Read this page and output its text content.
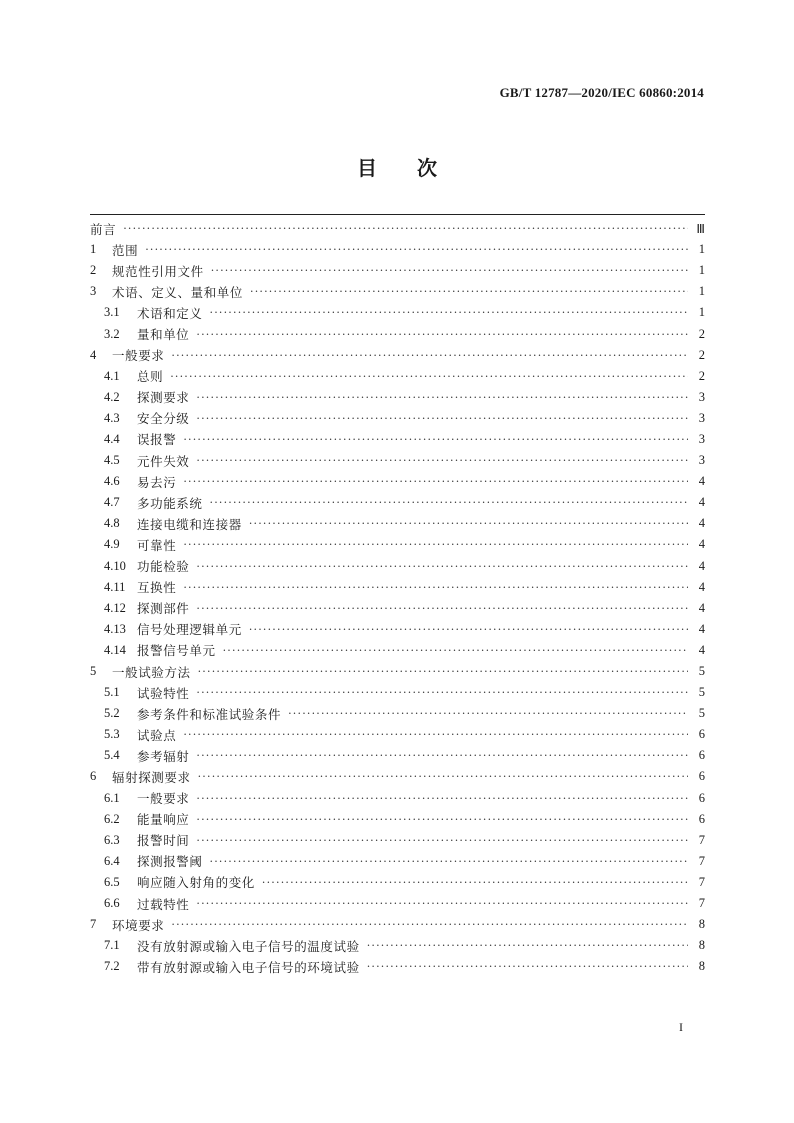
GB/T 12787—2020/IEC 60860:2014
目 次
前言 ·····	Ⅲ
1	范围 ·····	1
2	规范性引用文件 ·····	1
3	术语、定义、量和单位 ·····	1
3.1	术语和定义 ·····	1
3.2	量和单位 ·····	2
4	一般要求 ·····	2
4.1	总则 ·····	2
4.2	探测要求 ·····	3
4.3	安全分级 ·····	3
4.4	误报警 ·····	3
4.5	元件失效 ·····	3
4.6	易去污 ·····	4
4.7	多功能系统 ·····	4
4.8	连接电缆和连接器 ·····	4
4.9	可靠性 ·····	4
4.10 功能检验 ·····	4
4.11 互换性 ·····	4
4.12 探测部件 ·····	4
4.13 信号处理逻辑单元 ·····	4
4.14 报警信号单元 ·····	4
5	一般试验方法 ·····	5
5.1	试验特性 ·····	5
5.2	参考条件和标准试验条件 ·····	5
5.3	试验点 ·····	6
5.4	参考辐射 ·····	6
6	辐射探测要求 ·····	6
6.1	一般要求 ·····	6
6.2	能量响应 ·····	6
6.3	报警时间 ·····	7
6.4	探测报警阈 ·····	7
6.5	响应随入射角的变化 ·····	7
6.6	过载特性 ·····	7
7	环境要求 ·····	8
7.1	没有放射源或输入电子信号的温度试验 ·····	8
7.2	带有放射源或输入电子信号的环境试验 ·····	8
I
